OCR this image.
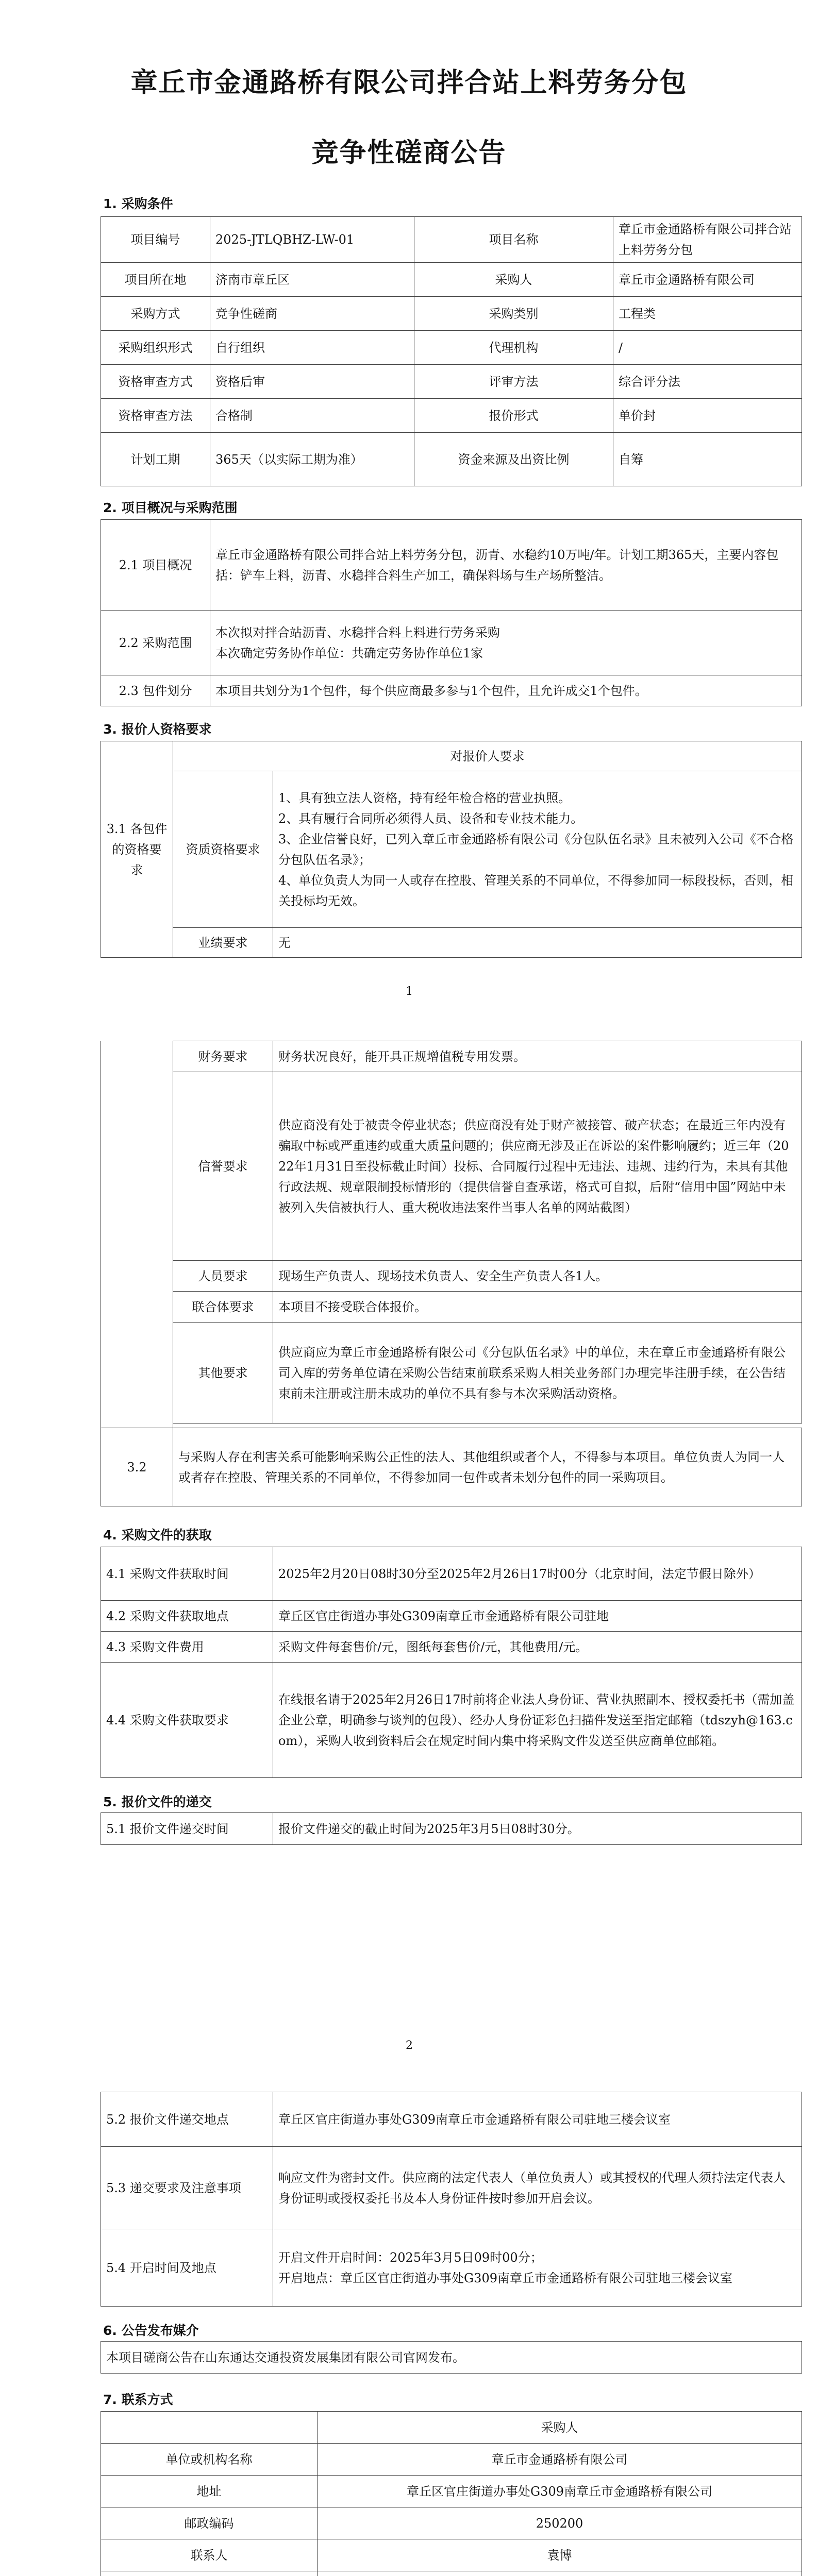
章丘市金通路桥有限公司拌合站上料劳务分包
竞争性磋商公告
1. 采购条件
项目编号	2025-JTLQBHZ-LW-01	项目名称	章丘市金通路桥有限公司拌合站上料劳务分包
项目所在地	济南市章丘区	采购人	章丘市金通路桥有限公司
采购方式	竞争性磋商	采购类别	工程类
采购组织形式	自行组织	代理机构	/
资格审查方式	资格后审	评审方法	综合评分法
资格审查方法	合格制	报价形式	单价封
计划工期	365天（以实际工期为准）	资金来源及出资比例	自筹
2. 项目概况与采购范围
2.1 项目概况	章丘市金通路桥有限公司拌合站上料劳务分包，沥青、水稳约10万吨/年。计划工期365天，主要内容包括：铲车上料，沥青、水稳拌合料生产加工，确保料场与生产场所整洁。
2.2 采购范围	本次拟对拌合站沥青、水稳拌合料上料进行劳务采购
本次确定劳务协作单位：共确定劳务协作单位1家

2.3 包件划分	本项目共划分为1个包件，每个供应商最多参与1个包件，且允许成交1个包件。
3. 报价人资格要求
3.1 各包件的资格要求	对报价人要求	
	资质资格要求	1、具有独立法人资格，持有经年检合格的营业执照。
2、具有履行合同所必须得人员、设备和专业技术能力。
3、企业信誉良好，已列入章丘市金通路桥有限公司《分包队伍名录》且未被列入公司《不合格分包队伍名录》；
4、单位负责人为同一人或存在控股、管理关系的不同单位，不得参加同一标段投标，否则，相关投标均无效。

	业绩要求	无
1
	财务要求	财务状况良好，能开具正规增值税专用发票。
	信誉要求	供应商没有处于被责令停业状态；供应商没有处于财产被接管、破产状态；在最近三年内没有骗取中标或严重违约或重大质量问题的；供应商无涉及正在诉讼的案件影响履约；近三年（2022年1月31日至投标截止时间）投标、合同履行过程中无违法、违规、违约行为，未具有其他行政法规、规章限制投标情形的（提供信誉自查承诺，格式可自拟，后附“信用中国”网站中未被列入失信被执行人、重大税收违法案件当事人名单的网站截图）
	人员要求	现场生产负责人、现场技术负责人、安全生产负责人各1人。
	联合体要求	本项目不接受联合体报价。
	其他要求	供应商应为章丘市金通路桥有限公司《分包队伍名录》中的单位，未在章丘市金通路桥有限公司入库的劳务单位请在采购公告结束前联系采购人相关业务部门办理完毕注册手续，在公告结束前未注册或注册未成功的单位不具有参与本次采购活动资格。

3.2	与采购人存在利害关系可能影响采购公正性的法人、其他组织或者个人，不得参与本项目。单位负责人为同一人或者存在控股、管理关系的不同单位，不得参加同一包件或者未划分包件的同一采购项目。	
4. 采购文件的获取
4.1 采购文件获取时间	2025年2月20日08时30分至2025年2月26日17时00分（北京时间，法定节假日除外）
4.2 采购文件获取地点	章丘区官庄街道办事处G309南章丘市金通路桥有限公司驻地
4.3 采购文件费用	采购文件每套售价/元，图纸每套售价/元，其他费用/元。
4.4 采购文件获取要求	在线报名请于2025年2月26日17时前将企业法人身份证、营业执照副本、授权委托书（需加盖企业公章，明确参与谈判的包段）、经办人身份证彩色扫描件发送至指定邮箱（tdszyh@163.com），采购人收到资料后会在规定时间内集中将采购文件发送至供应商单位邮箱。
5. 报价文件的递交
5.1 报价文件递交时间	报价文件递交的截止时间为2025年3月5日08时30分。
2
5.2 报价文件递交地点	章丘区官庄街道办事处G309南章丘市金通路桥有限公司驻地三楼会议室
5.3 递交要求及注意事项	响应文件为密封文件。供应商的法定代表人（单位负责人）或其授权的代理人须持法定代表人身份证明或授权委托书及本人身份证件按时参加开启会议。
5.4 开启时间及地点	开启文件开启时间：2025年3月5日09时00分；
开启地点：章丘区官庄街道办事处G309南章丘市金通路桥有限公司驻地三楼会议室
6. 公告发布媒介
本项目磋商公告在山东通达交通投资发展集团有限公司官网发布。
7. 联系方式
	采购人
单位或机构名称	章丘市金通路桥有限公司
地址	章丘区官庄街道办事处G309南章丘市金通路桥有限公司
邮政编码	250200
联系人	袁博
